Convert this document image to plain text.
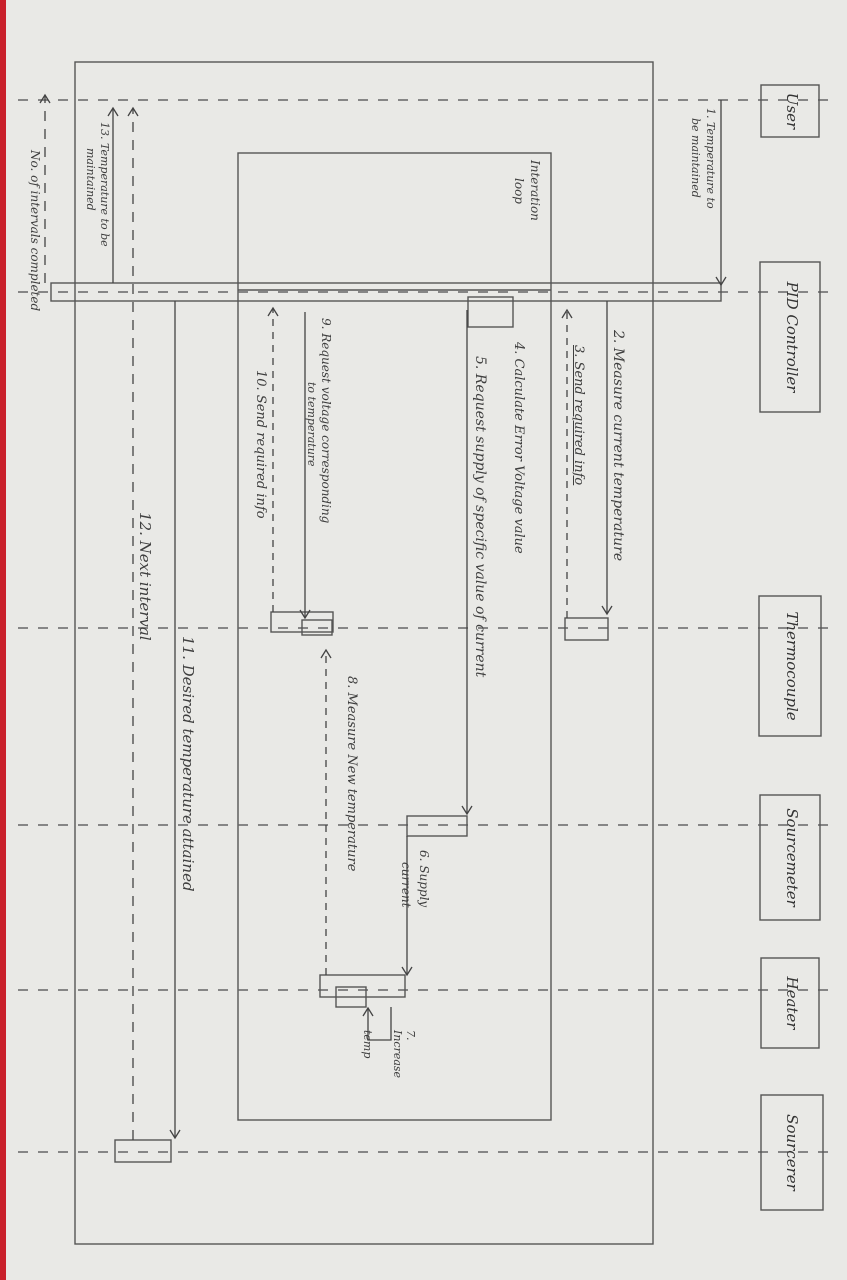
User
PID Controller
Thermocouple
Sourcemeter
Heater
Sourcerer
Interation
loop	1. Temperature to
be maintained
2. Measure current temperature
3. Send required info
4. Calculate Error Voltage value
5. Request supply of specific value of current
6. Supply
current
7.
Increase
temp
8. Measure New temperature
9. Request voltage corresponding
to temperature
10. Send required info
11. Desired temperature attained
12. Next interval
13. Temperature to be
maintained
No. of intervals completed
